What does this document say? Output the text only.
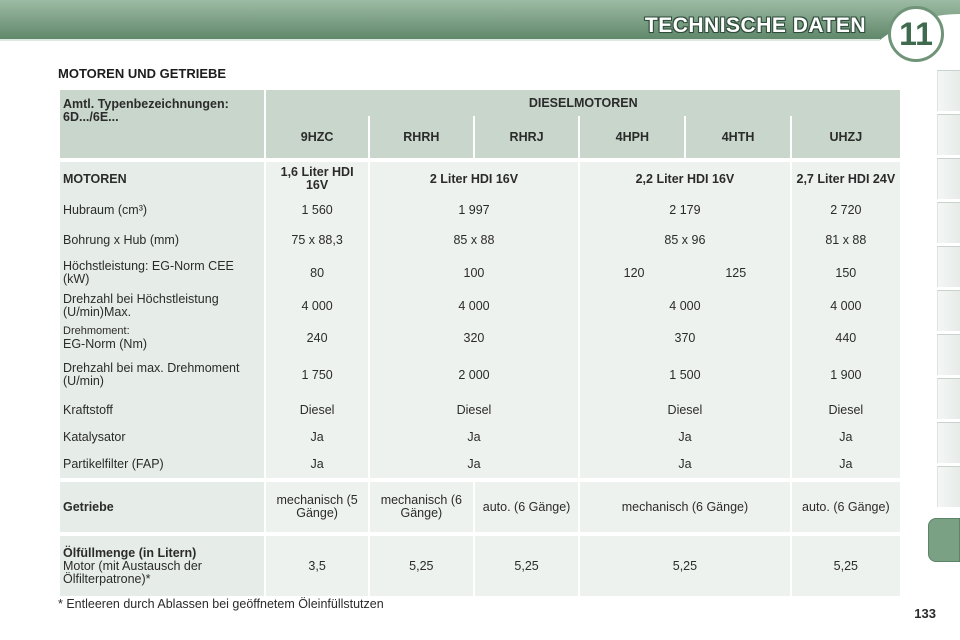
TECHNISCHE DATEN	11
MOTOREN UND GETRIEBE
Amtl. Typenbezeichnungen: 6D.../6E...	DIESELMOTOREN					
	9HZC	RHRH	RHRJ	4HPH	4HTH	UHZJ

MOTOREN	1,6 Liter HDI 16V	2 Liter HDI 16V		2,2 Liter HDI 16V		2,7 Liter HDI 24V
Hubraum (cm³)	1 560	1 997		2 179		2 720
Bohrung x Hub (mm)	75 x 88,3	85 x 88		85 x 96		81 x 88
Höchstleistung: EG-Norm CEE (kW)	80	100		120 125		150
Drehzahl bei Höchstleistung (U/min)Max.	4 000	4 000		4 000		4 000

Drehmoment:
EG-Norm (Nm)	240	320		370		440
Drehzahl bei max. Drehmoment (U/min)	1 750	2 000		1 500		1 900
Kraftstoff	Diesel	Diesel		Diesel		Diesel
Katalysator	Ja	Ja		Ja		Ja
Partikelfilter (FAP)	Ja	Ja		Ja		Ja

Getriebe	mechanisch (5 Gänge)	mechanisch (6 Gänge)	auto. (6 Gänge)	mechanisch (6 Gänge)		auto. (6 Gänge)

Ölfüllmenge (in Litern)
Motor (mit Austausch der Ölfilterpatrone)*	3,5	5,25	5,25	5,25		5,25
* Entleeren durch Ablassen bei geöffnetem Öleinfüllstutzen
133
